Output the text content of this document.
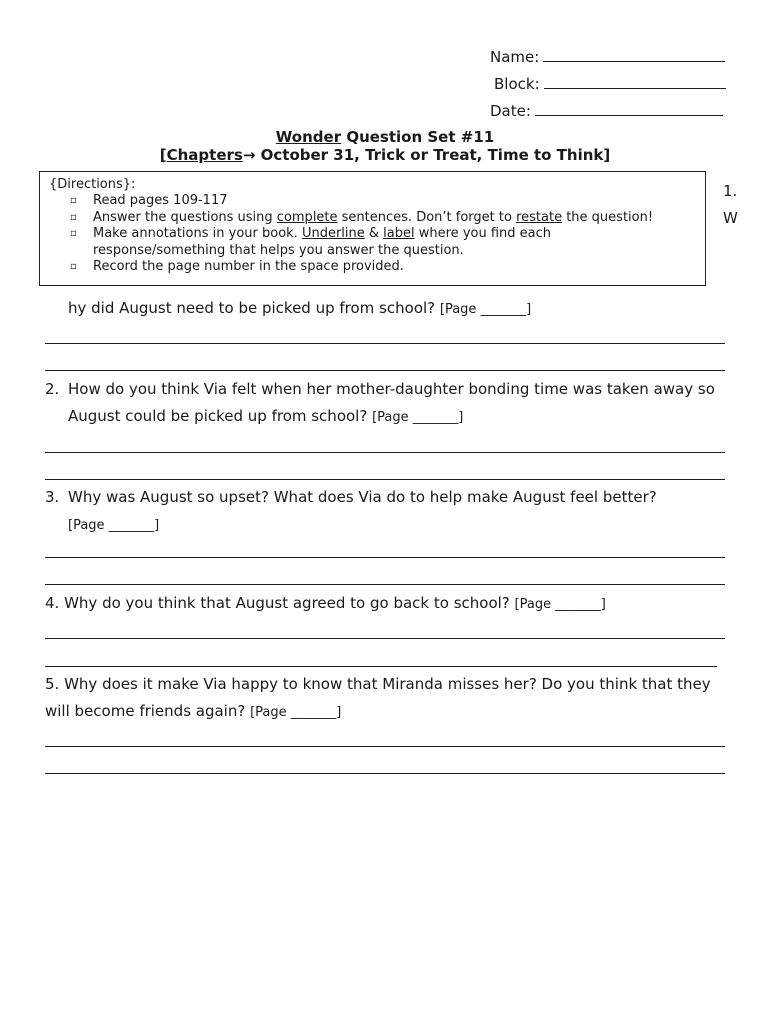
Name:
Block:
Date:
Wonder Question Set #11
[Chapters→ October 31, Trick or Treat, Time to Think]
{Directions}:
▫ Read pages 109-117
▫ Answer the questions using complete sentences. Don’t forget to restate the question!
▫ Make annotations in your book. Underline & label where you find each
response/something that helps you answer the question.
▫ Record the page number in the space provided.
1.
W
hy did August need to be picked up from school? [Page _______]
2. How do you think Via felt when her mother-daughter bonding time was taken away so
August could be picked up from school? [Page _______]
3. Why was August so upset? What does Via do to help make August feel better?
[Page _______]
4. Why do you think that August agreed to go back to school? [Page _______]
5. Why does it make Via happy to know that Miranda misses her? Do you think that they
will become friends again? [Page _______]
